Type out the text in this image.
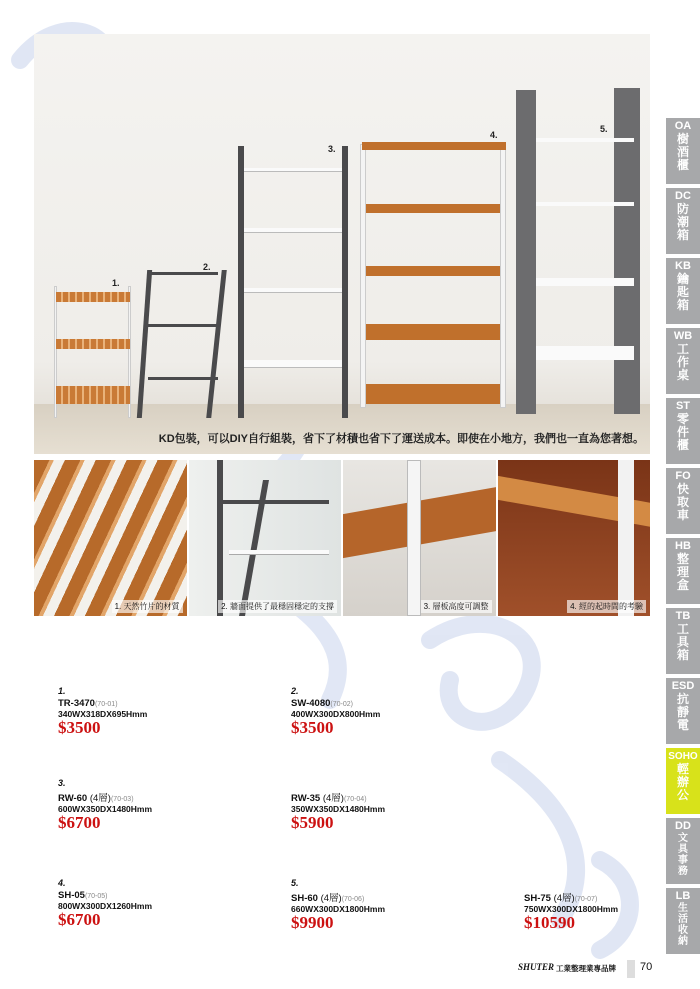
1.
2.
3.
4.
5.
KD包裝，可以DIY自行組裝，省下了材積也省下了運送成本。即使在小地方，我們也一直為您著想。
1. 天然竹片的材質	2. 牆面提供了最穩固穩定的支撐	3. 層板高度可調整	4. 經的起時間的考驗
1.
TR-3470(70-01)
340WX318DX695Hmm
$3500
2.
SW-4080(70-02)
400WX300DX800Hmm
$3500
3.
RW-60 (4層)(70-03)
600WX350DX1480Hmm
$6700
RW-35 (4層)(70-04)
350WX350DX1480Hmm
$5900
4.
SH-05(70-05)
800WX300DX1260Hmm
$6700
5.
SH-60 (4層)(70-06)
660WX300DX1800Hmm
$9900
SH-75 (4層)(70-07)
750WX300DX1800Hmm
$10590
OA
樹酒櫃
DC
防潮箱
KB
鑰匙箱
WB
工作桌
ST
零件櫃
FO
快取車
HB
整理盒
TB
工具箱
ESD
抗靜電
SOHO
輕辦公
DD
文具事務
LB
生活收納
SHUTER 工業整理業專品牌 70
